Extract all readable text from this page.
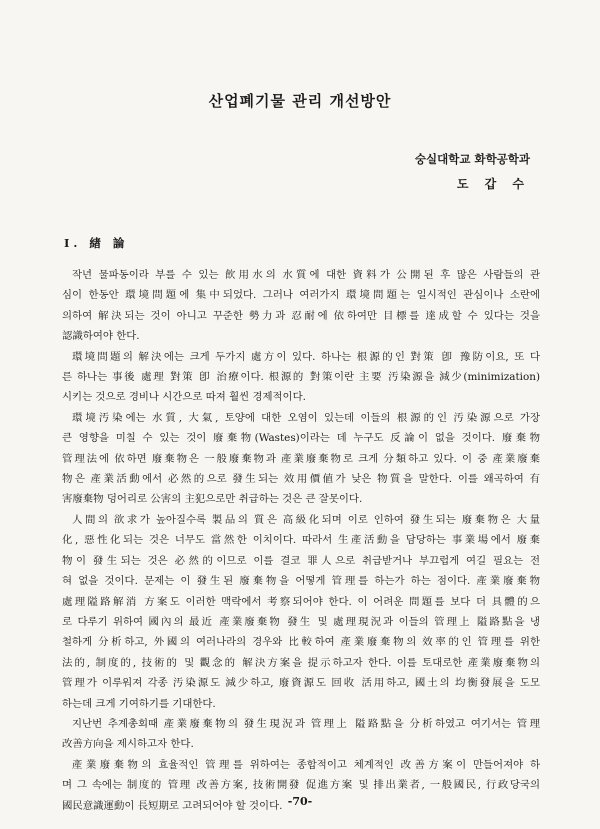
산업폐기물 관리 개선방안
숭실대학교 화학공학과
도 갑 수
I. 緖 論
작년 물파동이라 부를 수 있는 飮用水의 水質에 대한 資料가 公開된 후 많은 사람들의 관
심이 한동안 環境問題에 集中되었다. 그러나 여러가지 環境問題는 일시적인 관심이나 소란에
의하여 解決되는 것이 아니고 꾸준한 勢力과 忍耐에 依하여만 目標를 達成할 수 있다는 것을
認識하여야 한다.
環境問題의 解決에는 크게 두가지 處方이 있다. 하나는 根源的인 對策 卽 豫防이요, 또 다
른 하나는 事後 處理 對策 卽 治療이다. 根源的 對策이란 主要 汚染源을 減少(minimization)
시키는 것으로 경비나 시간으로 따져 훨씬 경제적이다.
環境汚染에는 水質, 大氣, 토양에 대한 오염이 있는데 이들의 根源的인 汚染源으로 가장
큰 영향을 미칠 수 있는 것이 廢棄物(Wastes)이라는 데 누구도 反論이 없을 것이다. 廢棄物
管理法에 依하면 廢棄物은 一般廢棄物과 產業廢棄物로 크게 分類하고 있다. 이 중 產業廢棄
物은 產業活動에서 必然的으로 發生되는 效用價値가 낮은 物質을 말한다. 이를 왜곡하여 有
害廢棄物 덩어리로 公害의 主犯으로만 취급하는 것은 큰 잘못이다.
人間의 欲求가 높아질수록 製品의 質은 高級化되며 이로 인하여 發生되는 廢棄物은 大量
化, 惡性化되는 것은 너무도 當然한 이치이다. 따라서 生產活動을 담당하는 事業場에서 廢棄
物이 發生되는 것은 必然的이므로 이를 결코 罪人으로 취급받거나 부끄럽게 여길 필요는 전
혀 없을 것이다. 문제는 이 發生된 廢棄物을 어떻게 管理를 하는가 하는 점이다. 產業廢棄物
處理隘路解消 方案도 이러한 맥락에서 考察되어야 한다. 이 어려운 問題를 보다 더 具體的으
로 다루기 위하여 國內의 最近 產業廢棄物 發生 및 處理現況과 이들의 管理上 隘路點을 냉
철하게 分析하고, 外國의 여러나라의 경우와 比較하여 產業廢棄物의 效率的인 管理를 위한
法的, 制度的, 技術的 및 觀念的 解決方案을 提示하고자 한다. 이를 토대로한 產業廢棄物의
管理가 이루워져 각종 汚染源도 減少하고, 廢資源도 回收 活用하고, 國土의 均衡發展을 도모
하는데 크게 기여하기를 기대한다.
지난번 추계총회때 產業廢棄物의 發生現況과 管理上 隘路點을 分析하였고 여기서는 管理
改善方向을 제시하고자 한다.
產業廢棄物의 효율적인 管理를 위하여는 종합적이고 체계적인 改善方案이 만들어져야 하
며 그 속에는 制度的 管理 改善方案, 技術開發 促進方案 및 排出業者, 一般國民, 行政당국의
國民意識運動이 長短期로 고려되어야 할 것이다. -70-
